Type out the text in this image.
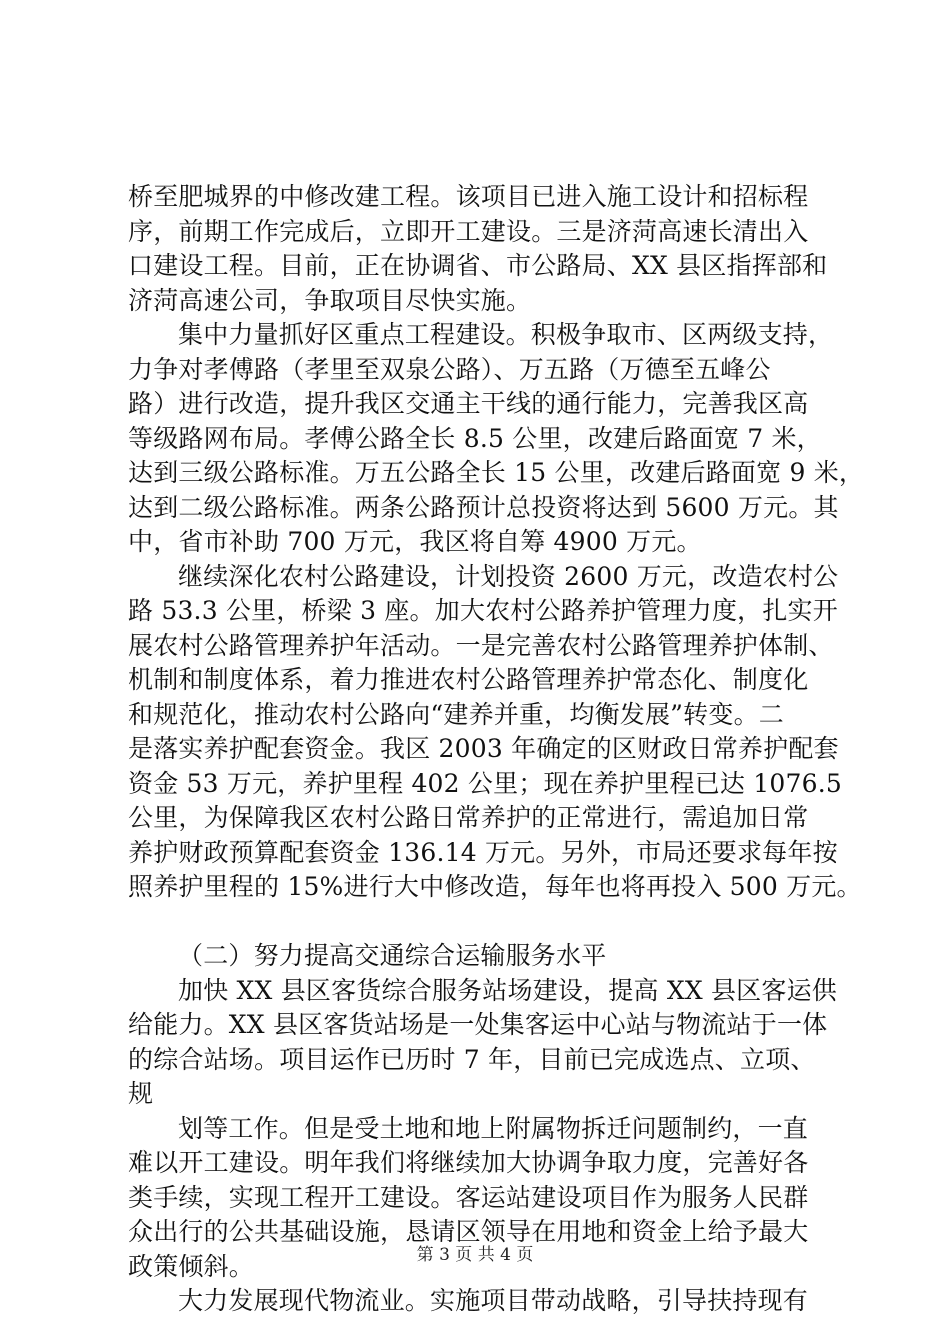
桥至肥城界的中修改建工程。该项目已进入施工设计和招标程
序，前期工作完成后，立即开工建设。三是济菏高速长清出入
口建设工程。目前，正在协调省、市公路局、XX 县区指挥部和
济菏高速公司，争取项目尽快实施。
集中力量抓好区重点工程建设。积极争取市、区两级支持，
力争对孝傅路（孝里至双泉公路）、万五路（万德至五峰公
路）进行改造，提升我区交通主干线的通行能力，完善我区高
等级路网布局。孝傅公路全长 8.5 公里，改建后路面宽 7 米，
达到三级公路标准。万五公路全长 15 公里，改建后路面宽 9 米，
达到二级公路标准。两条公路预计总投资将达到 5600 万元。其
中，省市补助 700 万元，我区将自筹 4900 万元。
继续深化农村公路建设，计划投资 2600 万元，改造农村公
路 53.3 公里，桥梁 3 座。加大农村公路养护管理力度，扎实开
展农村公路管理养护年活动。一是完善农村公路管理养护体制、
机制和制度体系，着力推进农村公路管理养护常态化、制度化
和规范化，推动农村公路向“建养并重，均衡发展”转变。二
是落实养护配套资金。我区 2003 年确定的区财政日常养护配套
资金 53 万元，养护里程 402 公里；现在养护里程已达 1076.5
公里，为保障我区农村公路日常养护的正常进行，需追加日常
养护财政预算配套资金 136.14 万元。另外，市局还要求每年按
照养护里程的 15%进行大中修改造，每年也将再投入 500 万元。
（二）努力提高交通综合运输服务水平
加快 XX 县区客货综合服务站场建设，提高 XX 县区客运供
给能力。XX 县区客货站场是一处集客运中心站与物流站于一体
的综合站场。项目运作已历时 7 年，目前已完成选点、立项、
规
划等工作。但是受土地和地上附属物拆迁问题制约，一直
难以开工建设。明年我们将继续加大协调争取力度，完善好各
类手续，实现工程开工建设。客运站建设项目作为服务人民群
众出行的公共基础设施，恳请区领导在用地和资金上给予最大
政策倾斜。
大力发展现代物流业。实施项目带动战略，引导扶持现有
第 3 页 共 4 页
